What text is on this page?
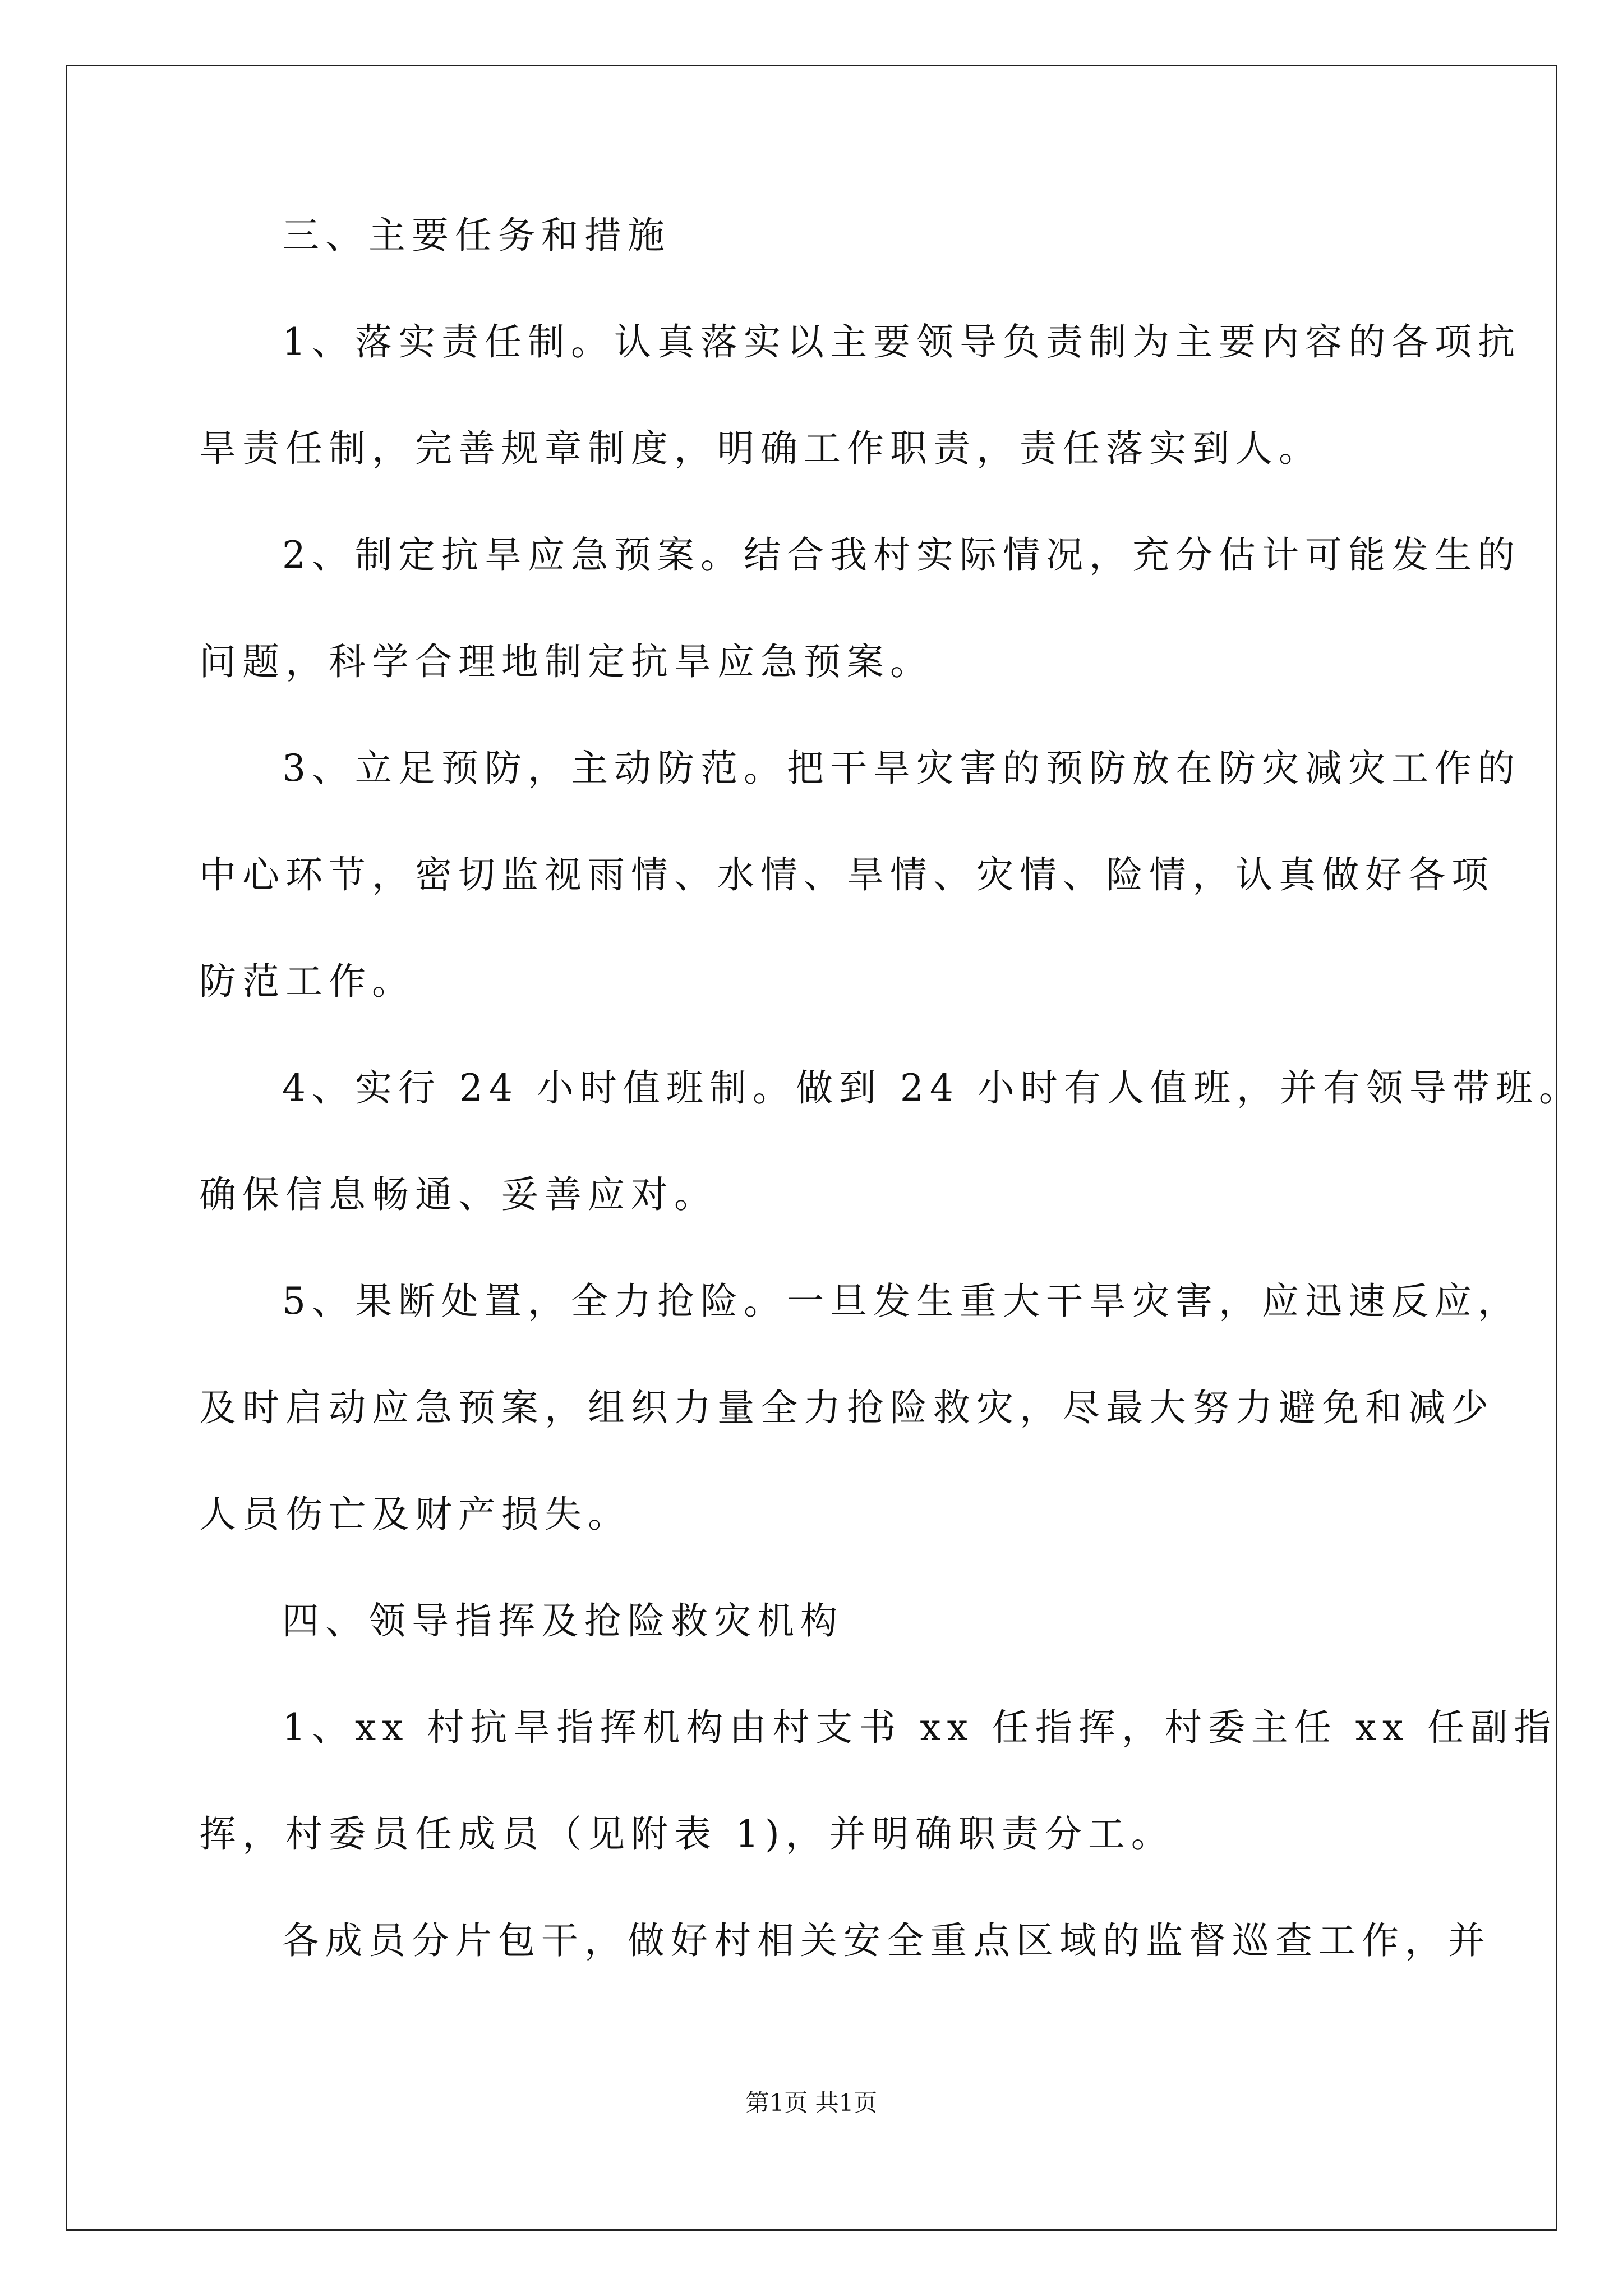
三、主要任务和措施
1、落实责任制。认真落实以主要领导负责制为主要内容的各项抗
旱责任制，完善规章制度，明确工作职责，责任落实到人。
2、制定抗旱应急预案。结合我村实际情况，充分估计可能发生的
问题，科学合理地制定抗旱应急预案。
3、立足预防，主动防范。把干旱灾害的预防放在防灾减灾工作的
中心环节，密切监视雨情、水情、旱情、灾情、险情，认真做好各项
防范工作。
4、实行 24 小时值班制。做到 24 小时有人值班，并有领导带班。
确保信息畅通、妥善应对。
5、果断处置，全力抢险。一旦发生重大干旱灾害，应迅速反应，
及时启动应急预案，组织力量全力抢险救灾，尽最大努力避免和减少
人员伤亡及财产损失。
四、领导指挥及抢险救灾机构
1、xx 村抗旱指挥机构由村支书 xx 任指挥，村委主任 xx 任副指
挥，村委员任成员（见附表 1)，并明确职责分工。
各成员分片包干，做好村相关安全重点区域的监督巡查工作，并
第1页 共1页
